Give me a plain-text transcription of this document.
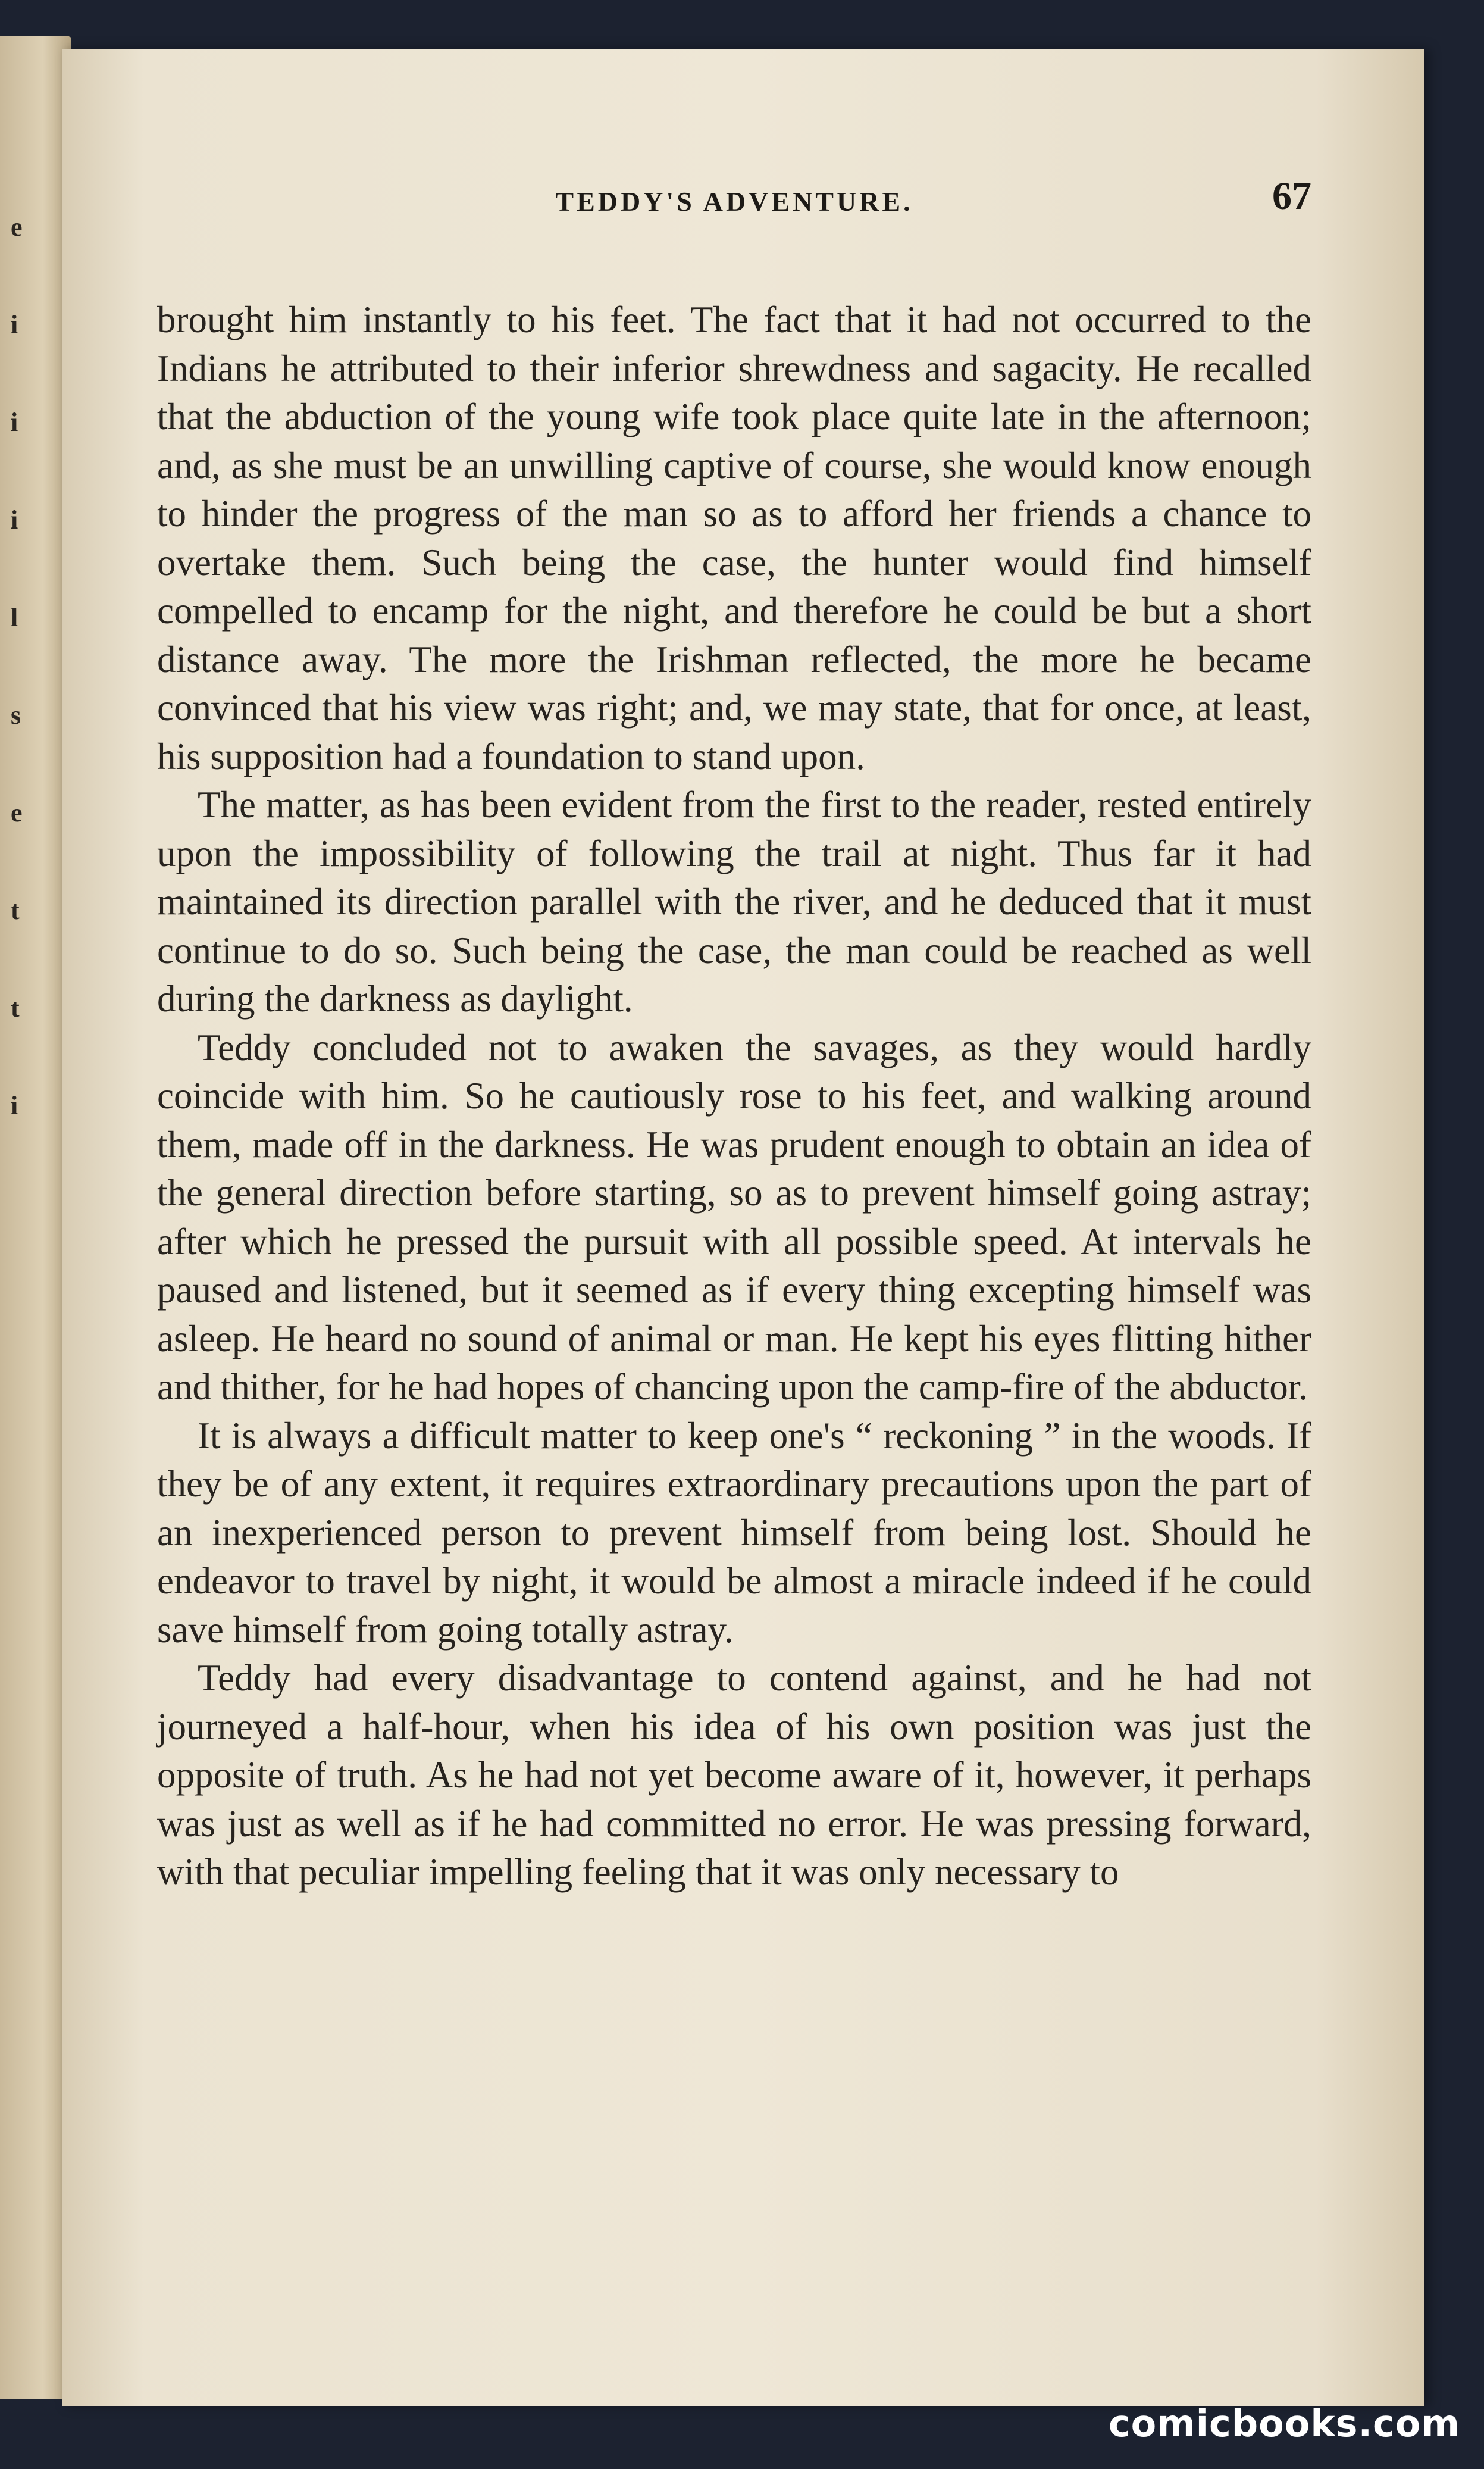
e
i
i
i
l
s
e
t
t
i
TEDDY'S ADVENTURE.	67

brought him instantly to his feet. The fact that it had not occurred to the Indians he attributed to their inferior shrewdness and sagacity. He recalled that the abduction of the young wife took place quite late in the afternoon; and, as she must be an unwilling captive of course, she would know enough to hinder the progress of the man so as to afford her friends a chance to overtake them. Such being the case, the hunter would find himself compelled to encamp for the night, and therefore he could be but a short distance away. The more the Irishman reflected, the more he became convinced that his view was right; and, we may state, that for once, at least, his supposition had a foundation to stand upon.

The matter, as has been evident from the first to the reader, rested entirely upon the impossibility of following the trail at night. Thus far it had maintained its direction parallel with the river, and he deduced that it must continue to do so. Such being the case, the man could be reached as well during the darkness as daylight.

Teddy concluded not to awaken the savages, as they would hardly coincide with him. So he cautiously rose to his feet, and walking around them, made off in the darkness. He was prudent enough to obtain an idea of the general direction before starting, so as to prevent himself going astray; after which he pressed the pursuit with all possible speed. At intervals he paused and listened, but it seemed as if every thing excepting himself was asleep. He heard no sound of animal or man. He kept his eyes flitting hither and thither, for he had hopes of chancing upon the camp-fire of the abductor.

It is always a difficult matter to keep one's “ reckoning ” in the woods. If they be of any extent, it requires extraordinary precautions upon the part of an inexperienced person to prevent himself from being lost. Should he endeavor to travel by night, it would be almost a miracle indeed if he could save himself from going totally astray.

Teddy had every disadvantage to contend against, and he had not journeyed a half-hour, when his idea of his own position was just the opposite of truth. As he had not yet become aware of it, however, it perhaps was just as well as if he had committed no error. He was pressing forward, with that peculiar impelling feeling that it was only necessary to

comicbooks.com
